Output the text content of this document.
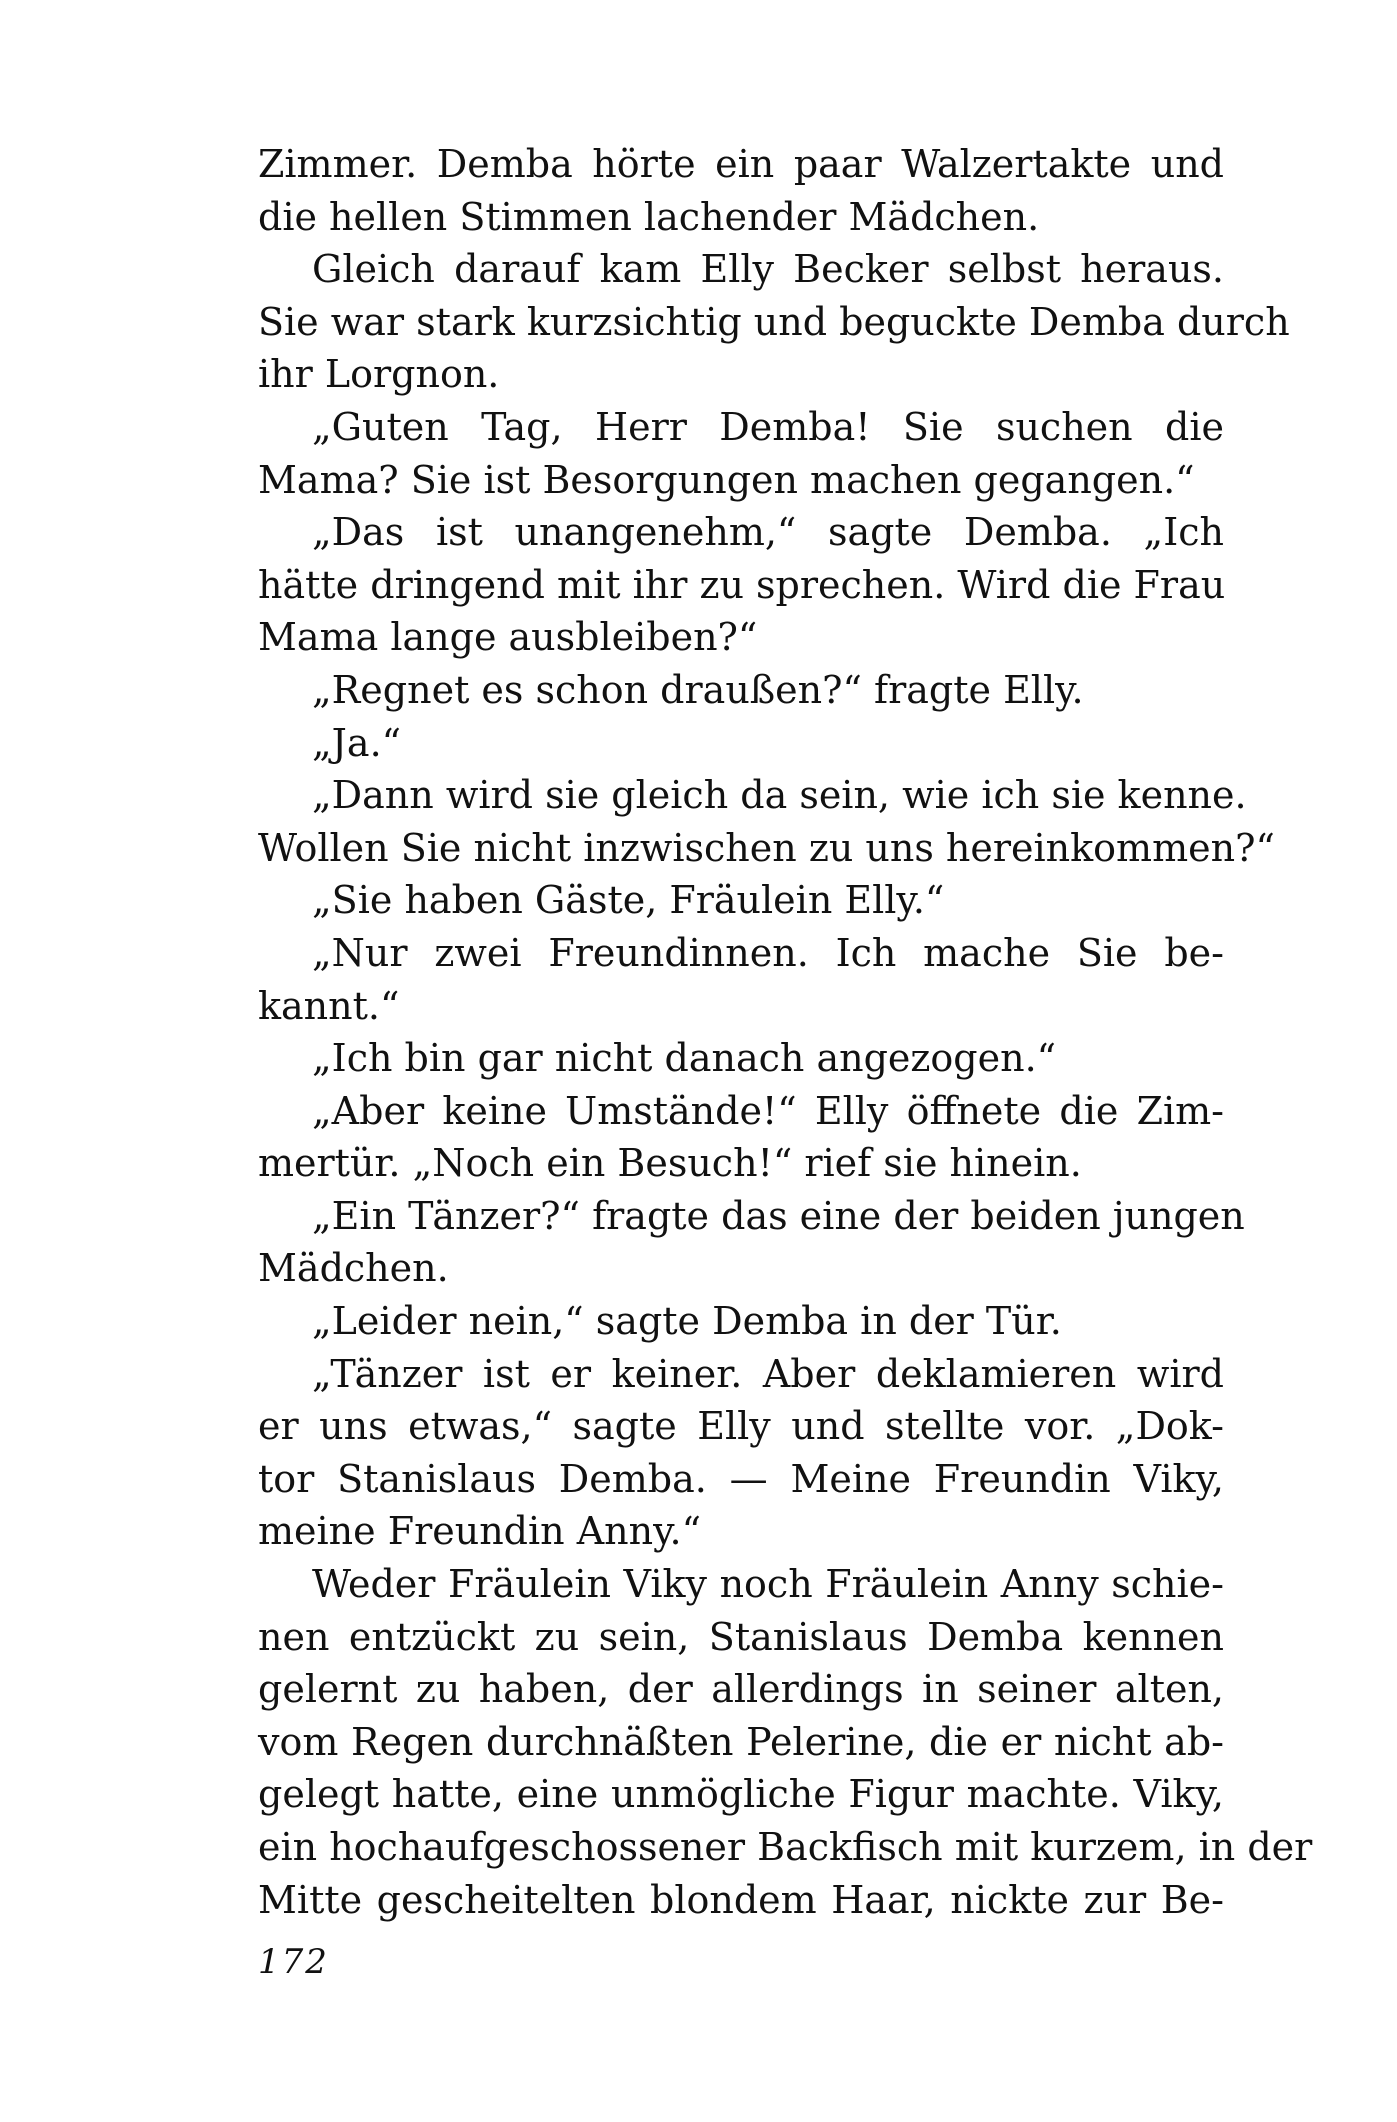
Zimmer. Demba hörte ein paar Walzertakte und
die hellen Stimmen lachender Mädchen.
Gleich darauf kam Elly Becker selbst heraus.
Sie war stark kurzsichtig und beguckte Demba durch
ihr Lorgnon.
„Guten Tag, Herr Demba! Sie suchen die
Mama? Sie ist Besorgungen machen gegangen.“
„Das ist unangenehm,“ sagte Demba. „Ich
hätte dringend mit ihr zu sprechen. Wird die Frau
Mama lange ausbleiben?“
„Regnet es schon draußen?“ fragte Elly.
„Ja.“
„Dann wird sie gleich da sein, wie ich sie kenne.
Wollen Sie nicht inzwischen zu uns hereinkommen?“
„Sie haben Gäste, Fräulein Elly.“
„Nur zwei Freundinnen. Ich mache Sie be-
kannt.“
„Ich bin gar nicht danach angezogen.“
„Aber keine Umstände!“ Elly öffnete die Zim-
mertür. „Noch ein Besuch!“ rief sie hinein.
„Ein Tänzer?“ fragte das eine der beiden jungen
Mädchen.
„Leider nein,“ sagte Demba in der Tür.
„Tänzer ist er keiner. Aber deklamieren wird
er uns etwas,“ sagte Elly und stellte vor. „Dok-
tor Stanislaus Demba. — Meine Freundin Viky,
meine Freundin Anny.“
Weder Fräulein Viky noch Fräulein Anny schie-
nen entzückt zu sein, Stanislaus Demba kennen
gelernt zu haben, der allerdings in seiner alten,
vom Regen durchnäßten Pelerine, die er nicht ab-
gelegt hatte, eine unmögliche Figur machte. Viky,
ein hochaufgeschossener Backfisch mit kurzem, in der
Mitte gescheitelten blondem Haar, nickte zur Be-
172
